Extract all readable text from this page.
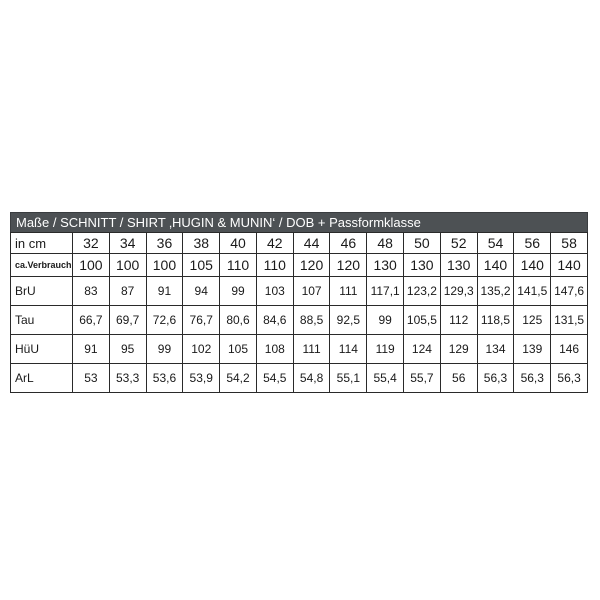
Maße / SCHNITT / SHIRT ‚HUGIN & MUNIN‘ / DOB + Passformklasse
in cm	32	34	36	38	40	42	44	46	48	50	52	54	56	58
ca.Verbrauch	100	100	100	105	110	110	120	120	130	130	130	140	140	140
BrU	83	87	91	94	99	103	107	111	117,1	123,2	129,3	135,2	141,5	147,6
Tau	66,7	69,7	72,6	76,7	80,6	84,6	88,5	92,5	99	105,5	112	118,5	125	131,5
HüU	91	95	99	102	105	108	111	114	119	124	129	134	139	146
ArL	53	53,3	53,6	53,9	54,2	54,5	54,8	55,1	55,4	55,7	56	56,3	56,3	56,3
